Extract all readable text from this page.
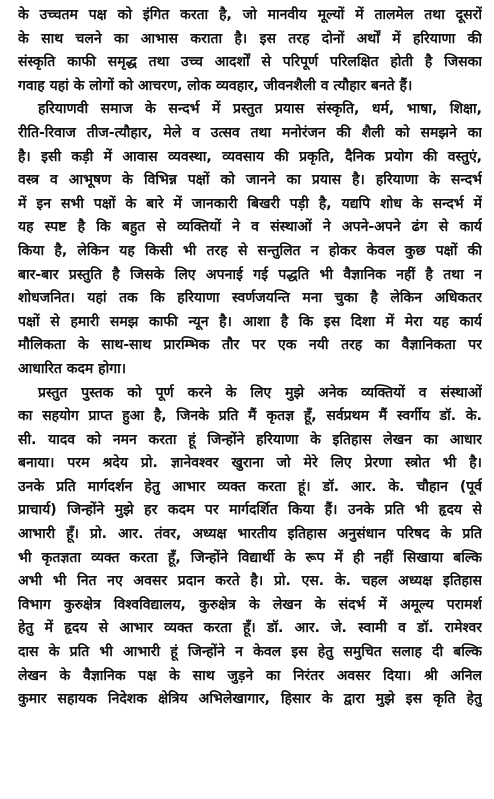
के उच्चतम पक्ष को इंगित करता है, जो मानवीय मूल्यों में तालमेल तथा दूसरों
के साथ चलने का आभास कराता है। इस तरह दोनों अर्थों में हरियाणा की
संस्कृति काफी समृद्ध तथा उच्च आदर्शों से परिपूर्ण परिलक्षित होती है जिसका
गवाह यहां के लोगों को आचरण, लोक व्यवहार, जीवनशैली व त्यौहार बनते हैं।
हरियाणवी समाज के सन्दर्भ में प्रस्तुत प्रयास संस्कृति, धर्म, भाषा, शिक्षा,
रीति-रिवाज तीज-त्यौहार, मेले व उत्सव तथा मनोरंजन की शैली को समझने का
है। इसी कड़ी में आवास व्यवस्था, व्यवसाय की प्रकृति, दैनिक प्रयोग की वस्तुएं,
वस्त्र व आभूषण के विभिन्न पक्षों को जानने का प्रयास है। हरियाणा के सन्दर्भ
में इन सभी पक्षों के बारे में जानकारी बिखरी पड़ी है, यद्यपि शोध के सन्दर्भ में
यह स्पष्ट है कि बहुत से व्यक्तियों ने व संस्थाओं ने अपने-अपने ढंग से कार्य
किया है, लेकिन यह किसी भी तरह से सन्तुलित न होकर केवल कुछ पक्षों की
बार-बार प्रस्तुति है जिसके लिए अपनाई गई पद्धति भी वैज्ञानिक नहीं है तथा न
शोधजनित। यहां तक कि हरियाणा स्वर्णजयन्ति मना चुका है लेकिन अधिकतर
पक्षों से हमारी समझ काफी न्यून है। आशा है कि इस दिशा में मेरा यह कार्य
मौलिकता के साथ-साथ प्रारम्भिक तौर पर एक नयी तरह का वैज्ञानिकता पर
आधारित कदम होगा।
प्रस्तुत पुस्तक को पूर्ण करने के लिए मुझे अनेक व्यक्तियों व संस्थाओं
का सहयोग प्राप्त हुआ है, जिनके प्रति मैं कृतज्ञ हूँ, सर्वप्रथम मैं स्वर्गीय डॉ. के.
सी. यादव को नमन करता हूं जिन्होंने हरियाणा के इतिहास लेखन का आधार
बनाया। परम श्रदेय प्रो. ज्ञानेवश्वर खुराना जो मेरे लिए प्रेरणा स्त्रोत भी है।
उनके प्रति मार्गदर्शन हेतु आभार व्यक्त करता हूं। डॉ. आर. के. चौहान (पूर्व
प्राचार्य) जिन्होंने मुझे हर कदम पर मार्गदर्शित किया हैं। उनके प्रति भी हृदय से
आभारी हूँ। प्रो. आर. तंवर, अध्यक्ष भारतीय इतिहास अनुसंधान परिषद के प्रति
भी कृतज्ञता व्यक्त करता हूँ, जिन्होंने विद्यार्थी के रूप में ही नहीं सिखाया बल्कि
अभी भी नित नए अवसर प्रदान करते है। प्रो. एस. के. चहल अध्यक्ष इतिहास
विभाग कुरुक्षेत्र विश्वविद्यालय, कुरुक्षेत्र के लेखन के संदर्भ में अमूल्य परामर्श
हेतु में हृदय से आभार व्यक्त करता हूँ। डॉ. आर. जे. स्वामी व डॉ. रामेश्वर
दास के प्रति भी आभारी हूं जिन्होंने न केवल इस हेतु समुचित सलाह दी बल्कि
लेखन के वैज्ञानिक पक्ष के साथ जुड़ने का निरंतर अवसर दिया। श्री अनिल
कुमार सहायक निदेशक क्षेत्रिय अभिलेखागार, हिसार के द्वारा मुझे इस कृति हेतु
